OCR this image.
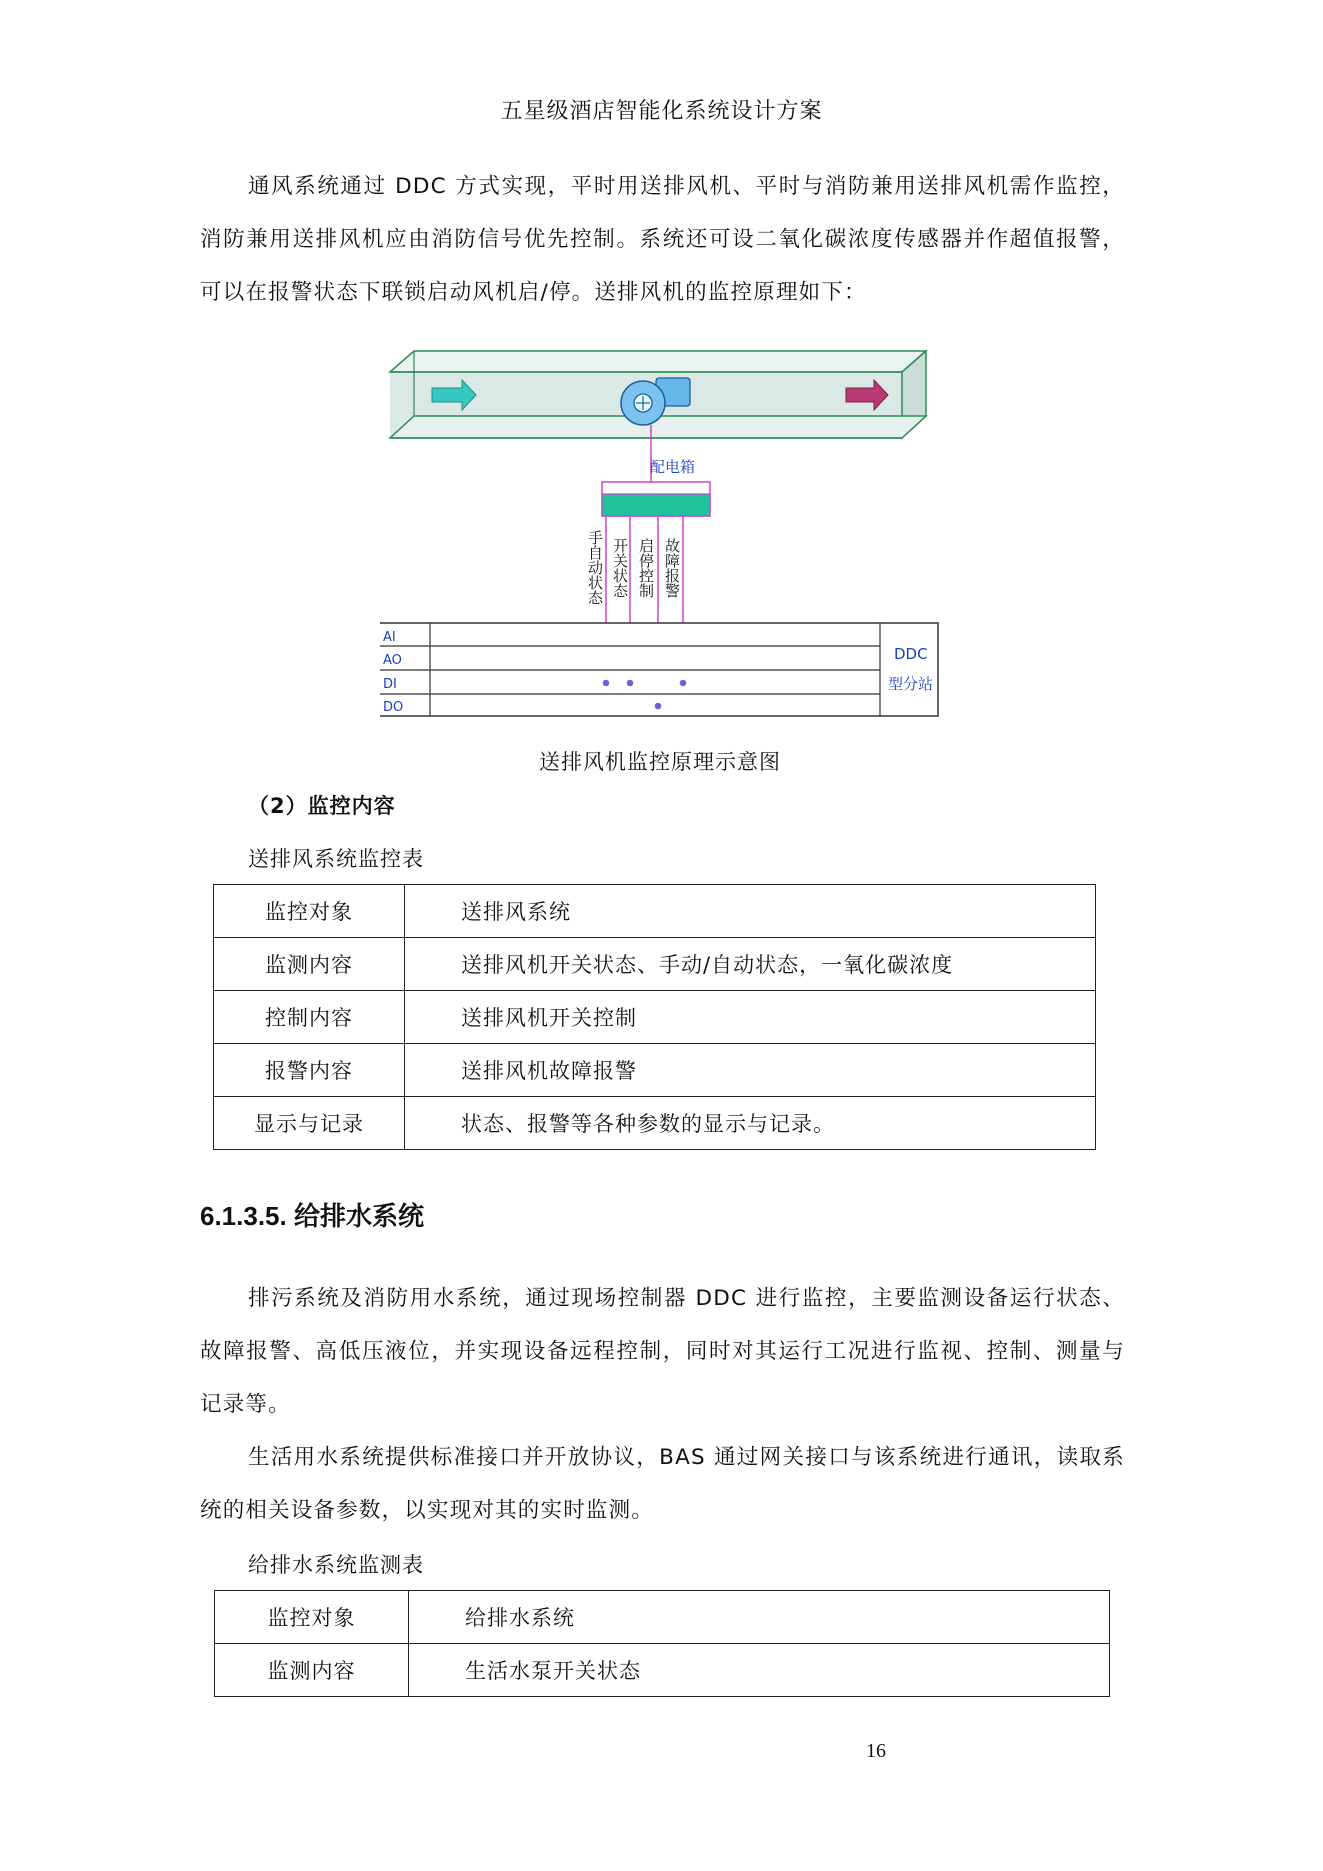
五星级酒店智能化系统设计方案

通风系统通过 DDC 方式实现，平时用送排风机、平时与消防兼用送排风机需作监控，消防兼用送排风机应由消防信号优先控制。系统还可设二氧化碳浓度传感器并作超值报警，可以在报警状态下联锁启动风机启/停。送排风机的监控原理如下：

配电箱
手自动状态 开关状态 启停控制 故障报警
AI
AO
DI
DO
DDC
型分站
送排风机监控原理示意图
（2）监控内容
送排风系统监控表
监控对象	送排风系统
监测内容	送排风机开关状态、手动/自动状态，一氧化碳浓度
控制内容	送排风机开关控制
报警内容	送排风机故障报警
显示与记录	状态、报警等各种参数的显示与记录。
6.1.3.5. 给排水系统

排污系统及消防用水系统，通过现场控制器 DDC 进行监控，主要监测设备运行状态、故障报警、高低压液位，并实现设备远程控制，同时对其运行工况进行监视、控制、测量与记录等。

生活用水系统提供标准接口并开放协议，BAS 通过网关接口与该系统进行通讯，读取系统的相关设备参数，以实现对其的实时监测。

给排水系统监测表
监控对象	给排水系统
监测内容	生活水泵开关状态
16
